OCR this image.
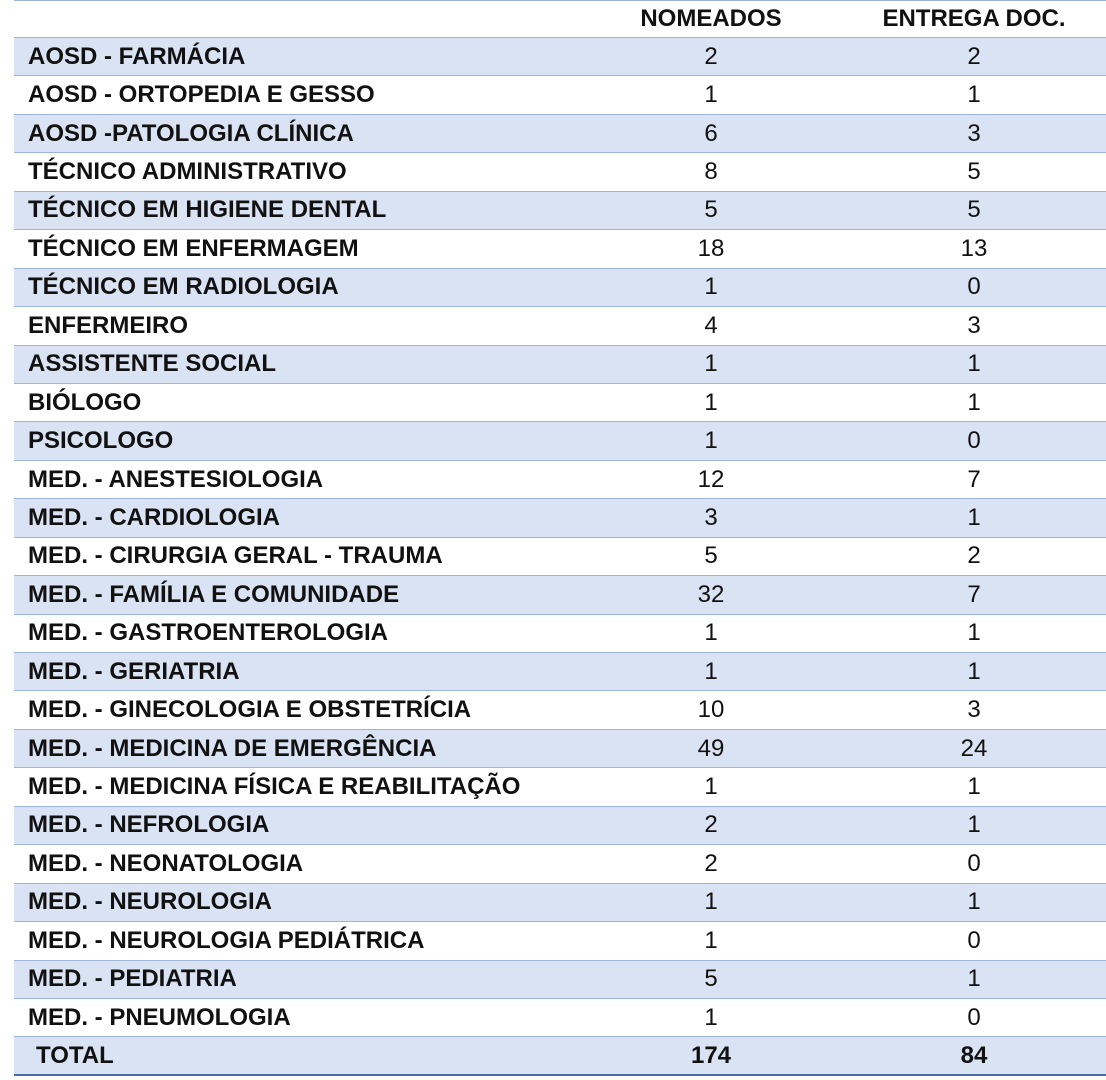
	NOMEADOS	ENTREGA DOC.
AOSD - FARMÁCIA	2	2
AOSD - ORTOPEDIA E GESSO	1	1
AOSD -PATOLOGIA CLÍNICA	6	3
TÉCNICO ADMINISTRATIVO	8	5
TÉCNICO EM HIGIENE DENTAL	5	5
TÉCNICO EM ENFERMAGEM	18	13
TÉCNICO EM RADIOLOGIA	1	0
ENFERMEIRO	4	3
ASSISTENTE SOCIAL	1	1
BIÓLOGO	1	1
PSICOLOGO	1	0
MED. - ANESTESIOLOGIA	12	7
MED. - CARDIOLOGIA	3	1
MED. - CIRURGIA GERAL - TRAUMA	5	2
MED. - FAMÍLIA E COMUNIDADE	32	7
MED. - GASTROENTEROLOGIA	1	1
MED. - GERIATRIA	1	1
MED. - GINECOLOGIA E OBSTETRÍCIA	10	3
MED. - MEDICINA DE EMERGÊNCIA	49	24
MED. - MEDICINA FÍSICA E REABILITAÇÃO	1	1
MED. - NEFROLOGIA	2	1
MED. - NEONATOLOGIA	2	0
MED. - NEUROLOGIA	1	1
MED. - NEUROLOGIA PEDIÁTRICA	1	0
MED. - PEDIATRIA	5	1
MED. - PNEUMOLOGIA	1	0
TOTAL	174	84
